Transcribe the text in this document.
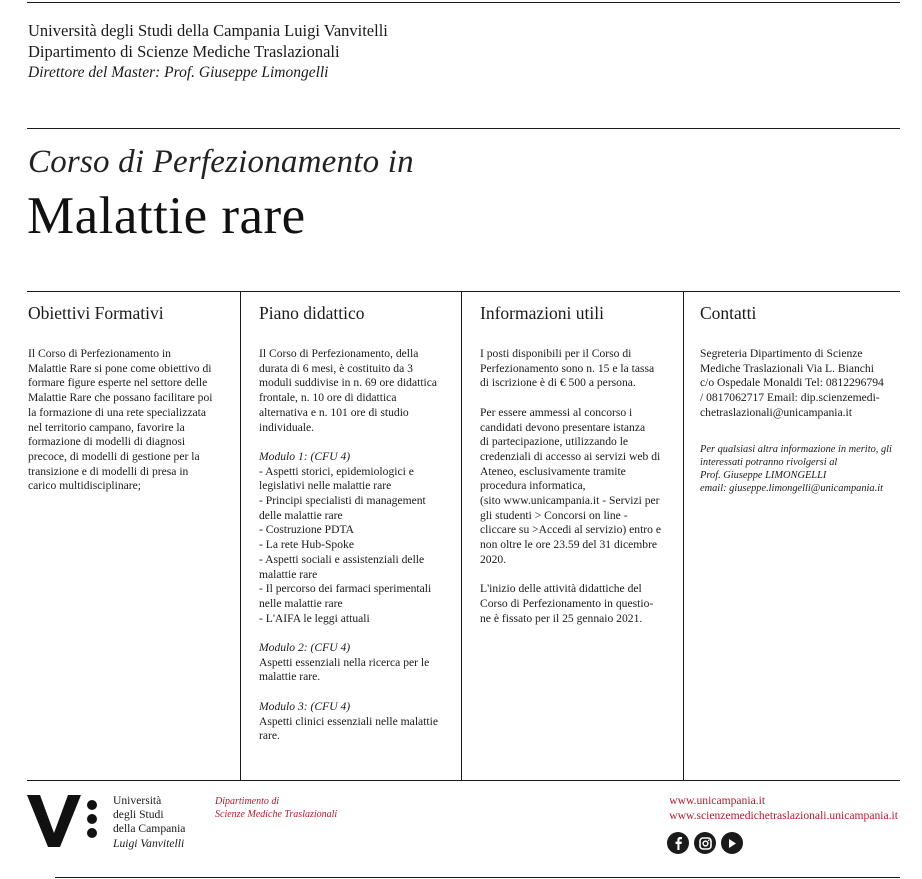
Università degli Studi della Campania Luigi Vanvitelli
Dipartimento di Scienze Mediche Traslazionali
Direttore del Master: Prof. Giuseppe Limongelli
Corso di Perfezionamento in
Malattie rare
Obiettivi Formativi

Il Corso di Perfezionamento in
Malattie Rare si pone come obiettivo di
formare figure esperte nel settore delle
Malattie Rare che possano facilitare poi
la formazione di una rete specializzata
nel territorio campano, favorire la
formazione di modelli di diagnosi
precoce, di modelli di gestione per la
transizione e di modelli di presa in
carico multidisciplinare;

Piano didattico

Il Corso di Perfezionamento, della
durata di 6 mesi, è costituito da 3
moduli suddivise in n. 69 ore didattica
frontale, n. 10 ore di didattica
alternativa e n. 101 ore di studio
individuale.

Modulo 1: (CFU 4)
- Aspetti storici, epidemiologici e
legislativi nelle malattie rare
- Principi specialisti di management
delle malattie rare
- Costruzione PDTA
- La rete Hub-Spoke
- Aspetti sociali e assistenziali delle
malattie rare
- Il percorso dei farmaci sperimentali
nelle malattie rare
- L'AIFA le leggi attuali

Modulo 2: (CFU 4)
Aspetti essenziali nella ricerca per le
malattie rare.

Modulo 3: (CFU 4)
Aspetti clinici essenziali nelle malattie
rare.

Informazioni utili

I posti disponibili per il Corso di
Perfezionamento sono n. 15 e la tassa
di iscrizione è di € 500 a persona.

Per essere ammessi al concorso i
candidati devono presentare istanza
di partecipazione, utilizzando le
credenziali di accesso ai servizi web di
Ateneo, esclusivamente tramite
procedura informatica,
(sito www.unicampania.it - Servizi per
gli studenti > Concorsi on line -
cliccare su >Accedi al servizio) entro e
non oltre le ore 23.59 del 31 dicembre
2020.

L'inizio delle attività didattiche del
Corso di Perfezionamento in questio-
ne è fissato per il 25 gennaio 2021.

Contatti
Segreteria Dipartimento di Scienze
Mediche Traslazionali Via L. Bianchi
c/o Ospedale Monaldi Tel: 0812296794
/ 0817062717 Email: dip.scienzemedi-
chetraslazionali@unicampania.it
Per qualsiasi altra informazione in merito, gli
interessati potranno rivolgersi al
Prof. Giuseppe LIMONGELLI
email: giuseppe.limongelli@unicampania.it
Università
degli Studi
della Campania
Luigi Vanvitelli
Dipartimento di
Scienze Mediche Traslazionali
www.unicampania.it
www.scienzemedichetraslazionali.unicampania.it
